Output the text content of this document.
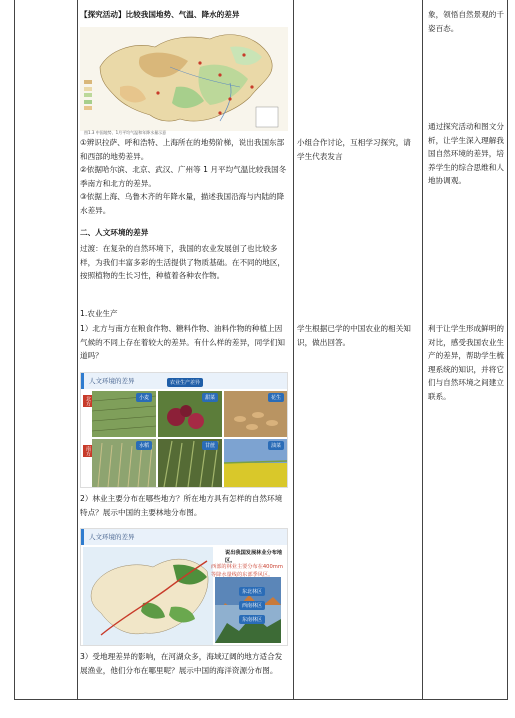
【探究活动】比较我国地势、气温、降水的差异
图1.3 中国地势、1月平均气温和年降水量示意
①辨识拉萨、呼和浩特、上海所在的地势阶梯，说出我国东部和西部的地势差异。
②依据哈尔滨、北京、武汉、广州等 1 月平均气温比较我国冬季南方和北方的差异。
③依据上海、乌鲁木齐的年降水量，描述我国沿海与内陆的降水差异。
二、人文环境的差异
过渡：在复杂的自然环境下，我国的农业发展创了也比较多样，为我们丰富多彩的生活提供了物质基础。在不同的地区，按照植物的生长习性，种植着各种农作物。
1.农业生产
1）北方与南方在粮食作物、糖料作物、油料作物的种植上因气候的不同上存在着较大的差异。有什么样的差异，同学们知道吗？
人文环境的差异	农业生产差异
北方
南方
小麦	甜菜	花生
水稻	甘蔗	油菜
2）林业主要分布在哪些地方？所在地方具有怎样的自然环境特点？展示中国的主要林地分布图。
人文环境的差异
说出我国发展林业分布地区。
西部的林业主要分布在400mm等降水量线的东部季风区。
东北林区
西南林区
东南林区
3）受地理差异的影响，在河湖众多，海域辽阔的地方适合发展渔业，他们分布在哪里呢？展示中国的海洋资源分布图。
小组合作讨论，互相学习探究，请学生代表发言
学生根据已学的中国农业的相关知识，做出回答。
象，领悟自然景观的千姿百态。
通过探究活动和图文分析，让学生深入理解我国自然环境的差异，培养学生的综合思维和人地协调观。
利于让学生形成鲜明的对比，感受我国农业生产的差异，帮助学生梳理系统的知识，并将它们与自然环境之间建立联系。
